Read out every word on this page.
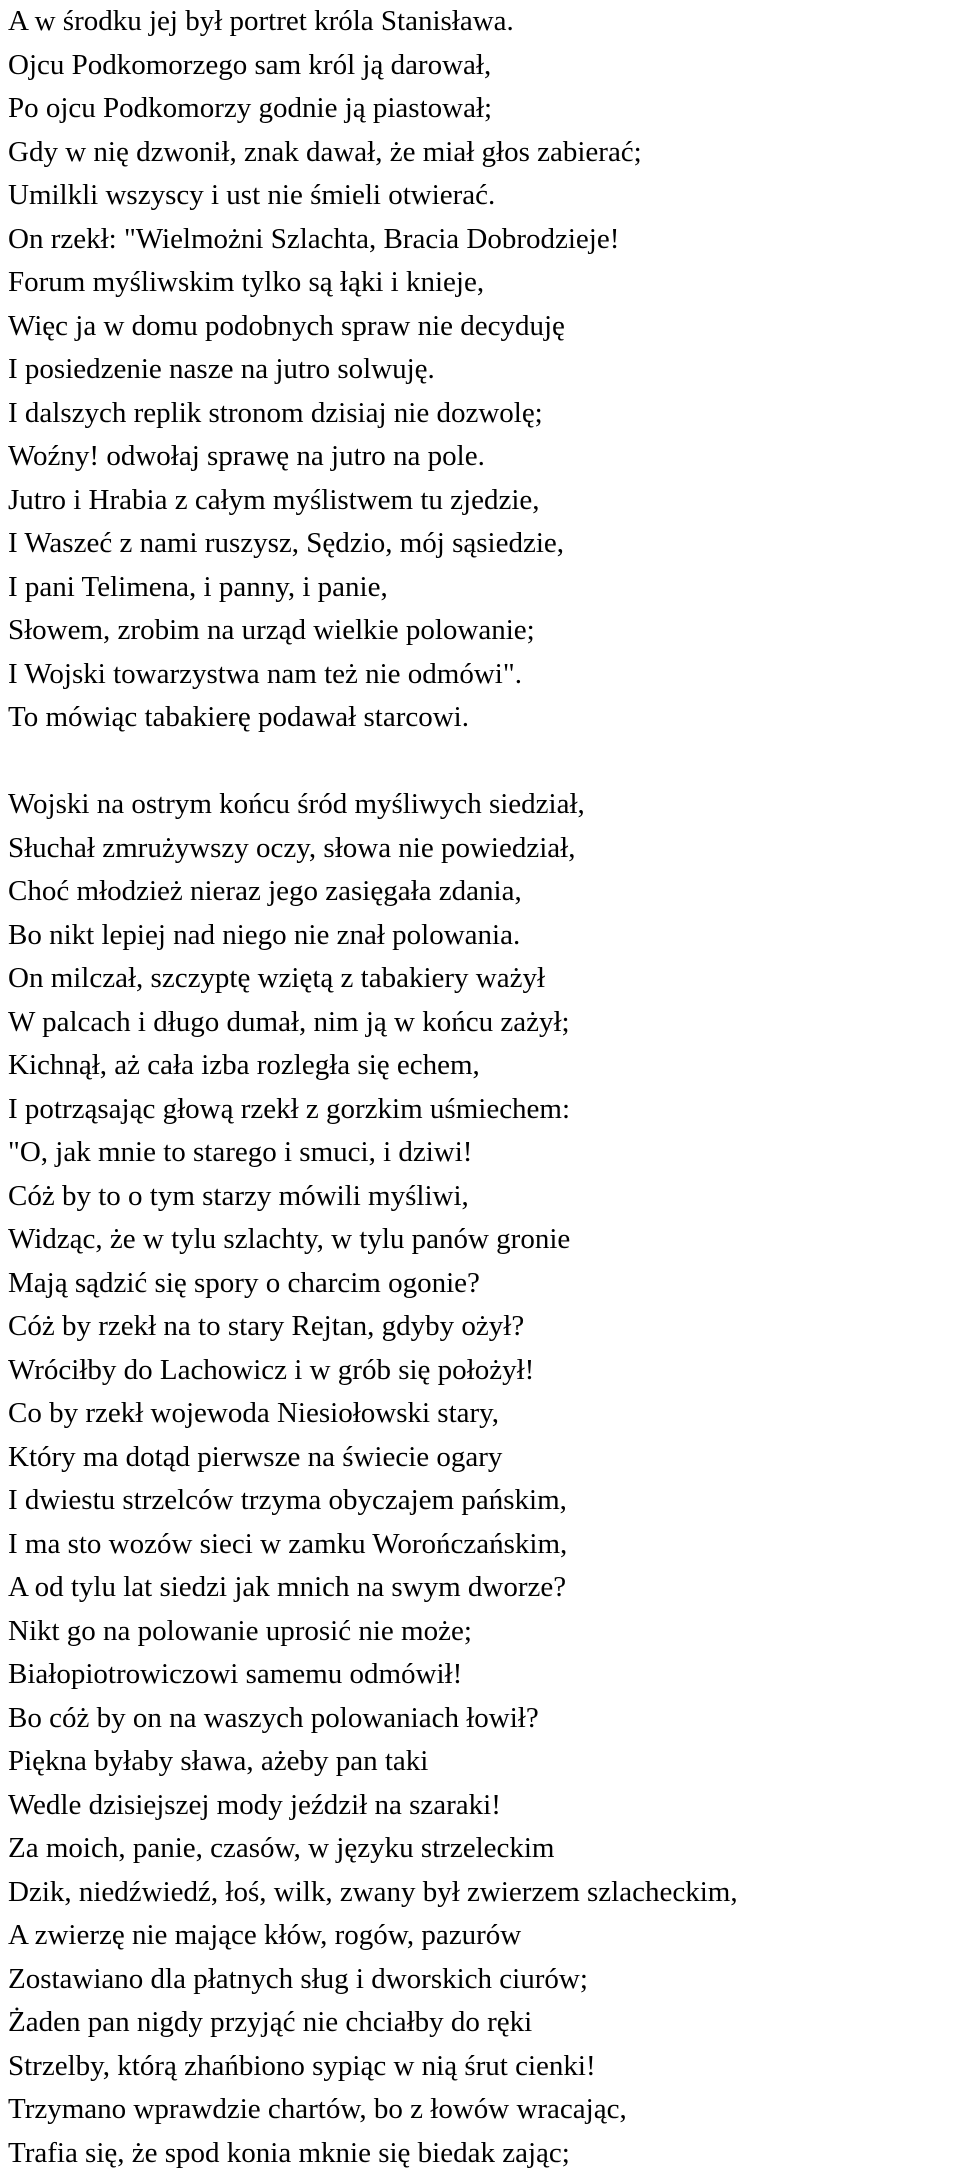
A w środku jej był portret króla Stanisława.
Ojcu Podkomorzego sam król ją darował,
Po ojcu Podkomorzy godnie ją piastował;
Gdy w nię dzwonił, znak dawał, że miał głos zabierać;
Umilkli wszyscy i ust nie śmieli otwierać.
On rzekł: "Wielmożni Szlachta, Bracia Dobrodzieje!
Forum myśliwskim tylko są łąki i knieje,
Więc ja w domu podobnych spraw nie decyduję
I posiedzenie nasze na jutro solwuję.
I dalszych replik stronom dzisiaj nie dozwolę;
Woźny! odwołaj sprawę na jutro na pole.
Jutro i Hrabia z całym myślistwem tu zjedzie,
I Waszeć z nami ruszysz, Sędzio, mój sąsiedzie,
I pani Telimena, i panny, i panie,
Słowem, zrobim na urząd wielkie polowanie;
I Wojski towarzystwa nam też nie odmówi".
To mówiąc tabakierę podawał starcowi.
Wojski na ostrym końcu śród myśliwych siedział,
Słuchał zmrużywszy oczy, słowa nie powiedział,
Choć młodzież nieraz jego zasięgała zdania,
Bo nikt lepiej nad niego nie znał polowania.
On milczał, szczyptę wziętą z tabakiery ważył
W palcach i długo dumał, nim ją w końcu zażył;
Kichnął, aż cała izba rozległa się echem,
I potrząsając głową rzekł z gorzkim uśmiechem:
"O, jak mnie to starego i smuci, i dziwi!
Cóż by to o tym starzy mówili myśliwi,
Widząc, że w tylu szlachty, w tylu panów gronie
Mają sądzić się spory o charcim ogonie?
Cóż by rzekł na to stary Rejtan, gdyby ożył?
Wróciłby do Lachowicz i w grób się położył!
Co by rzekł wojewoda Niesiołowski stary,
Który ma dotąd pierwsze na świecie ogary
I dwiestu strzelców trzyma obyczajem pańskim,
I ma sto wozów sieci w zamku Worończańskim,
A od tylu lat siedzi jak mnich na swym dworze?
Nikt go na polowanie uprosić nie może;
Białopiotrowiczowi samemu odmówił!
Bo cóż by on na waszych polowaniach łowił?
Piękna byłaby sława, ażeby pan taki
Wedle dzisiejszej mody jeździł na szaraki!
Za moich, panie, czasów, w języku strzeleckim
Dzik, niedźwiedź, łoś, wilk, zwany był zwierzem szlacheckim,
A zwierzę nie mające kłów, rogów, pazurów
Zostawiano dla płatnych sług i dworskich ciurów;
Żaden pan nigdy przyjąć nie chciałby do ręki
Strzelby, którą zhańbiono sypiąc w nią śrut cienki!
Trzymano wprawdzie chartów, bo z łowów wracając,
Trafia się, że spod konia mknie się biedak zając;
